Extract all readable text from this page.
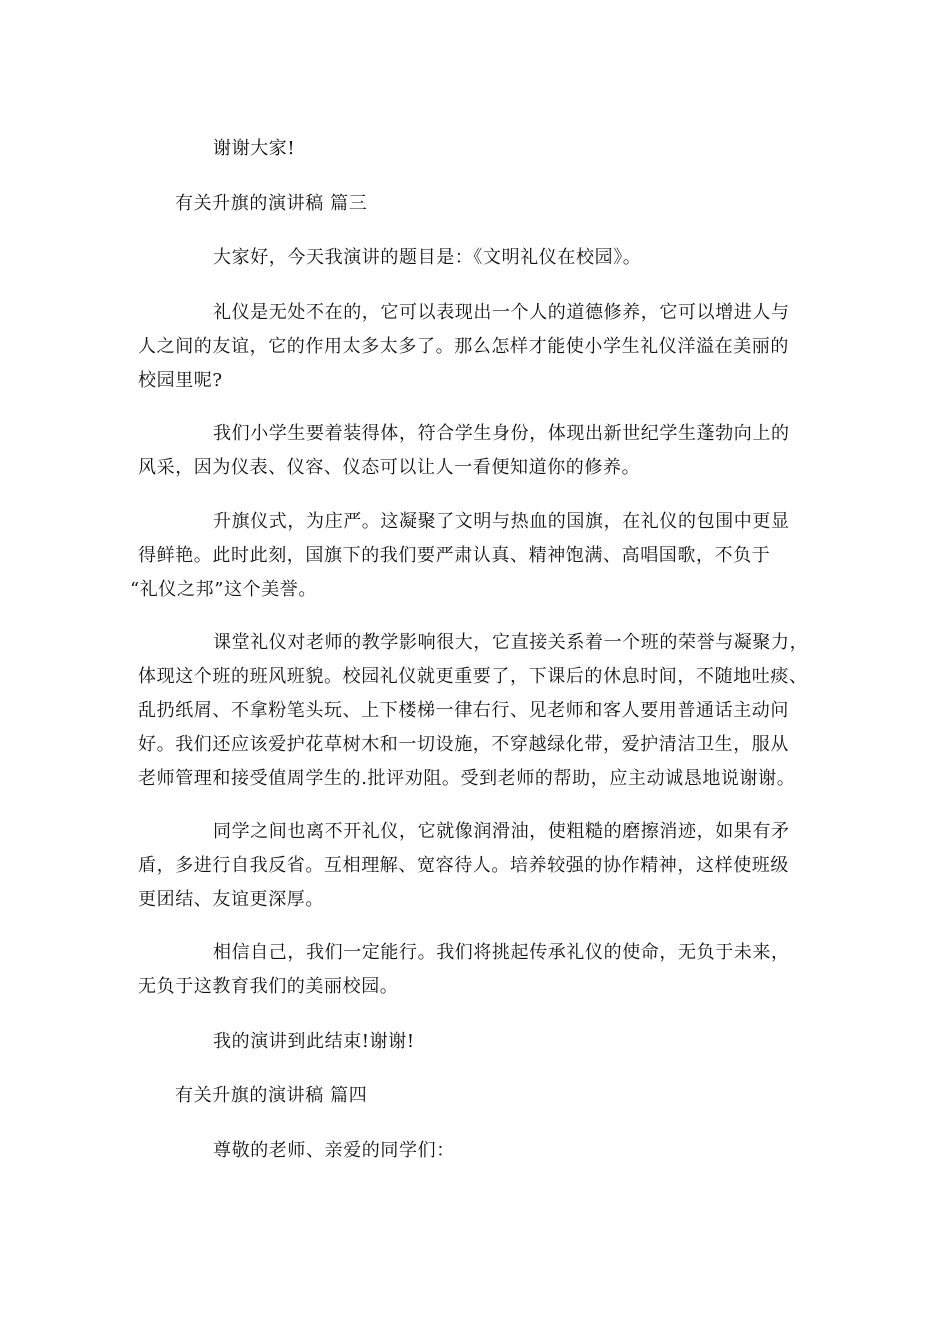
谢谢大家!
有关升旗的演讲稿 篇三
大家好，今天我演讲的题目是：《文明礼仪在校园》。
礼仪是无处不在的，它可以表现出一个人的道德修养，它可以增进人与
人之间的友谊，它的作用太多太多了。那么怎样才能使小学生礼仪洋溢在美丽的
校园里呢?
我们小学生要着装得体，符合学生身份，体现出新世纪学生蓬勃向上的
风采，因为仪表、仪容、仪态可以让人一看便知道你的修养。
升旗仪式，为庄严。这凝聚了文明与热血的国旗，在礼仪的包围中更显
得鲜艳。此时此刻，国旗下的我们要严肃认真、精神饱满、高唱国歌，不负于
“礼仪之邦”这个美誉。
课堂礼仪对老师的教学影响很大，它直接关系着一个班的荣誉与凝聚力，
体现这个班的班风班貌。校园礼仪就更重要了，下课后的休息时间，不随地吐痰、
乱扔纸屑、不拿粉笔头玩、上下楼梯一律右行、见老师和客人要用普通话主动问
好。我们还应该爱护花草树木和一切设施，不穿越绿化带，爱护清洁卫生，服从
老师管理和接受值周学生的.批评劝阻。受到老师的帮助，应主动诚恳地说谢谢。
同学之间也离不开礼仪，它就像润滑油，使粗糙的磨擦消迹，如果有矛
盾，多进行自我反省。互相理解、宽容待人。培养较强的协作精神，这样使班级
更团结、友谊更深厚。
相信自己，我们一定能行。我们将挑起传承礼仪的使命，无负于未来，
无负于这教育我们的美丽校园。
我的演讲到此结束!谢谢!
有关升旗的演讲稿 篇四
尊敬的老师、亲爱的同学们：
